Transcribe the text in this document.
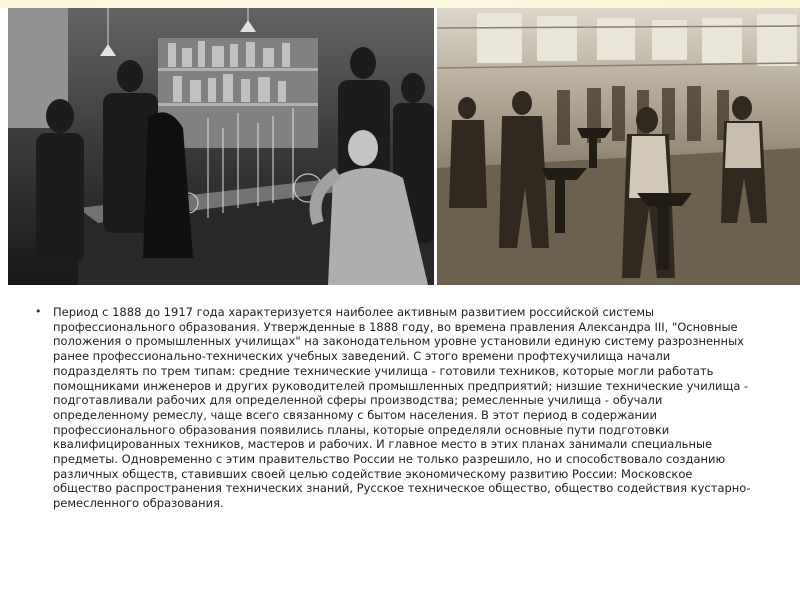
• Период с 1888 до 1917 года характеризуется наиболее активным развитием российской системы профессионального образования. Утвержденные в 1888 году, во времена правления Александра III, "Основные положения о промышленных училищах" на законодательном уровне установили единую систему разрозненных ранее профессионально-технических учебных заведений. С этого времени профтехучилища начали подразделять по трем типам: средние технические училища - готовили техников, которые могли работать помощниками инженеров и других руководителей промышленных предприятий; низшие технические училища - подготавливали рабочих для определенной сферы производства; ремесленные училища - обучали определенному ремеслу, чаще всего связанному с бытом населения. В этот период в содержании профессионального образования появились планы, которые определяли основные пути подготовки квалифицированных техников, мастеров и рабочих. И главное место в этих планах занимали специальные предметы. Одновременно с этим правительство России не только разрешило, но и способствовало созданию различных обществ, ставивших своей целью содействие экономическому развитию России: Московское общество распространения технических знаний, Русское техническое общество, общество содействия кустарно-ремесленного образования.
